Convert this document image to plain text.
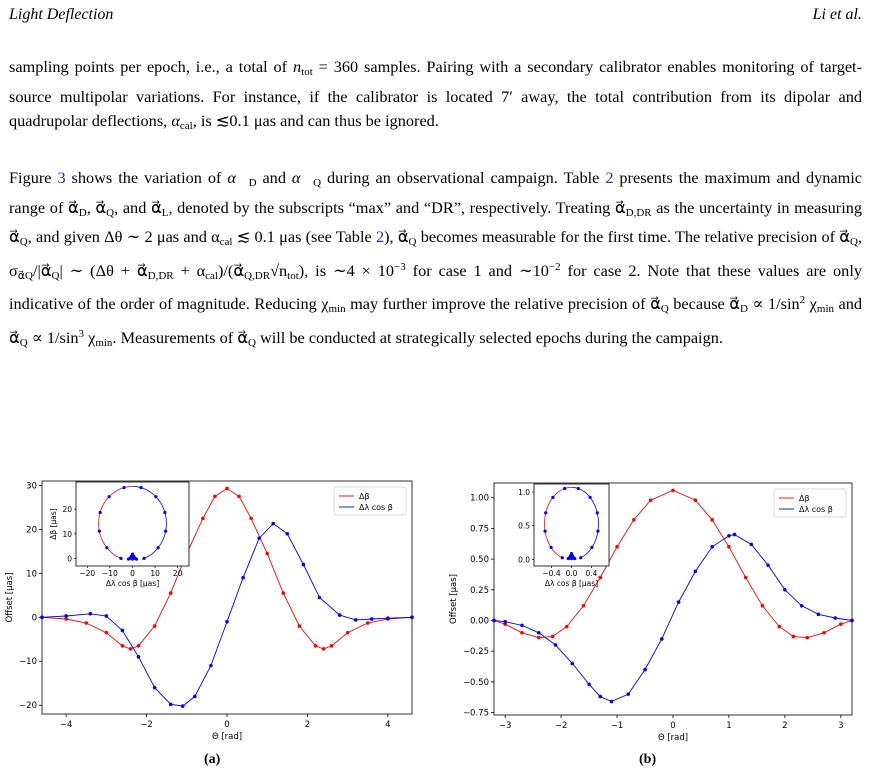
Light Deflection	Li et al.

sampling points per epoch, i.e., a total of $n_{tot} = 360$ samples. Pairing with a secondary calibrator enables monitoring of target-source multipolar variations. For instance, if the calibrator is located 7′ away, the total contribution from its dipolar and quadrupolar deflections, $\alpha_{cal}$, is ≲0.1 μas and can thus be ignored.

Figure 3 shows the variation of $\alpha⃗_D$ and $\alpha⃗_Q$ during an observational campaign. Table 2 presents the maximum and dynamic range of $\alpha⃗_D$, $\alpha⃗_Q$, and $\alpha⃗_L$, denoted by the subscripts “max” and “DR”, respectively. Treating $\alpha⃗_{D,DR}$ as the uncertainty in measuring $\alpha⃗_Q$, and given Δθ ∼ 2 μas and $\alpha_{cal}$ ≲ 0.1 μas (see Table 2), $\alpha⃗_Q$ becomes measurable for the first time. The relative precision of $\alpha⃗_Q$, $\sigma_{\alpha⃗Q}/|\alpha⃗_Q|$ ∼ ($\Delta\theta + \alpha⃗_{D,DR}$ + $\alpha_{cal})/(\alpha⃗_{Q,DR}√n_{tot})$, is ∼4 × $10^{-3}$ for case 1 and $\sim 10^{-2}$ for case 2. Note that these values are only indicative of the order of magnitude. Reducing $\chi_{min}$ may further improve the relative precision of $\alpha⃗_Q$ because $\alpha⃗_D \propto 1/\sin^2$ $\chi_{min}$ and $\alpha⃗_Q \propto 1/\sin^3$ $\chi_{min}$. Measurements of $\alpha⃗_Q$ will be conducted at strategically selected epochs during the campaign.

−4	−2	0	2	4
−20
−10
0
10
20
30
Θ [rad]
Offset [μas]
Δβ
Δλ cos β
−20 −10 0 10 20
0
10
20
Δλ cos β [μas]
Δβ [μas]
−3	−2	−1	0	1	2	3
−0.75
−0.50
−0.25
0.00
0.25
0.50
0.75
1.00
Θ [rad]
Offset [μas]
Δβ
Δλ cos β
−0.4 0.0 0.4
0.0
0.5
1.0
Δλ cos β [μas]
(a)	(b)
